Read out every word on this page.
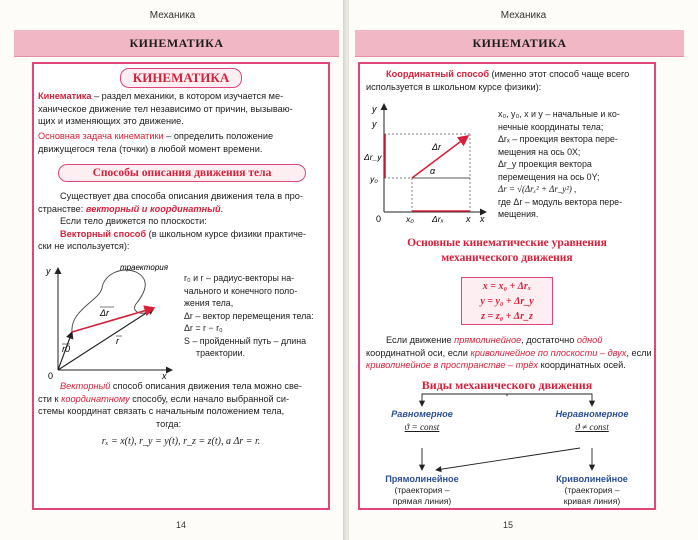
Механика
КИНЕМАТИКА
КИНЕМАТИКА
Кинематика – раздел механики, в котором изучается ме-
ханическое движение тел независимо от причин, вызываю-
щих и изменяющих это движение.
Основная задача кинематики – определить положение
движущегося тела (точки) в любой момент времени.
Способы описания движения тела
Существует два способа описания движения тела в про-
странстве: векторный и координатный.
Если тело движется по плоскости:
Векторный способ (в школьном курсе физики практиче-
ски не используется):
y
x
0
траектория
Δr
r
r0
r₀ и r – радиус-векторы на-
чального и конечного поло-
жения тела,
Δr – вектор перемещения тела:
Δr = r − r₀
S – пройденный путь – длина
траектории.
Векторный способ описания движения тела можно све-
сти к координатному способу, если начало выбранной си-
стемы координат связать с начальным положением тела,
тогда:
rₓ = x(t), r_y = y(t), r_z = z(t), a Δr = r.
14
Механика
КИНЕМАТИКА
Координатный способ (именно этот способ чаще всего
используется в школьном курсе физики):
y
y
x
x
0	x₀ Δrₓ
Δr_y
y₀
Δr
α
x₀, y₀, x и y – начальные и ко-
нечные координаты тела;
Δrₓ – проекция вектора пере-
мещения на ось 0X;
Δr_y проекция вектора
перемещения на ось 0Y;
Δr = √(Δrₓ² + Δr_y²) ,
где Δr – модуль вектора пере-
мещения.
Основные кинематические уравнения
механического движения
x = x₀ + Δrₓ
y = y₀ + Δr_y
z = z₀ + Δr_z
Если движение прямолинейное, достаточно одной
координатной оси, если криволинейное по плоскости – двух, если
криволинейное в пространстве – трёх координатных осей.
Виды механического движения
Равномерное
ϑ = const
Неравномерное
ϑ ≠ const
Прямолинейное
(траектория –
прямая линия)
Криволинейное
(траектория –
кривая линия)
15
